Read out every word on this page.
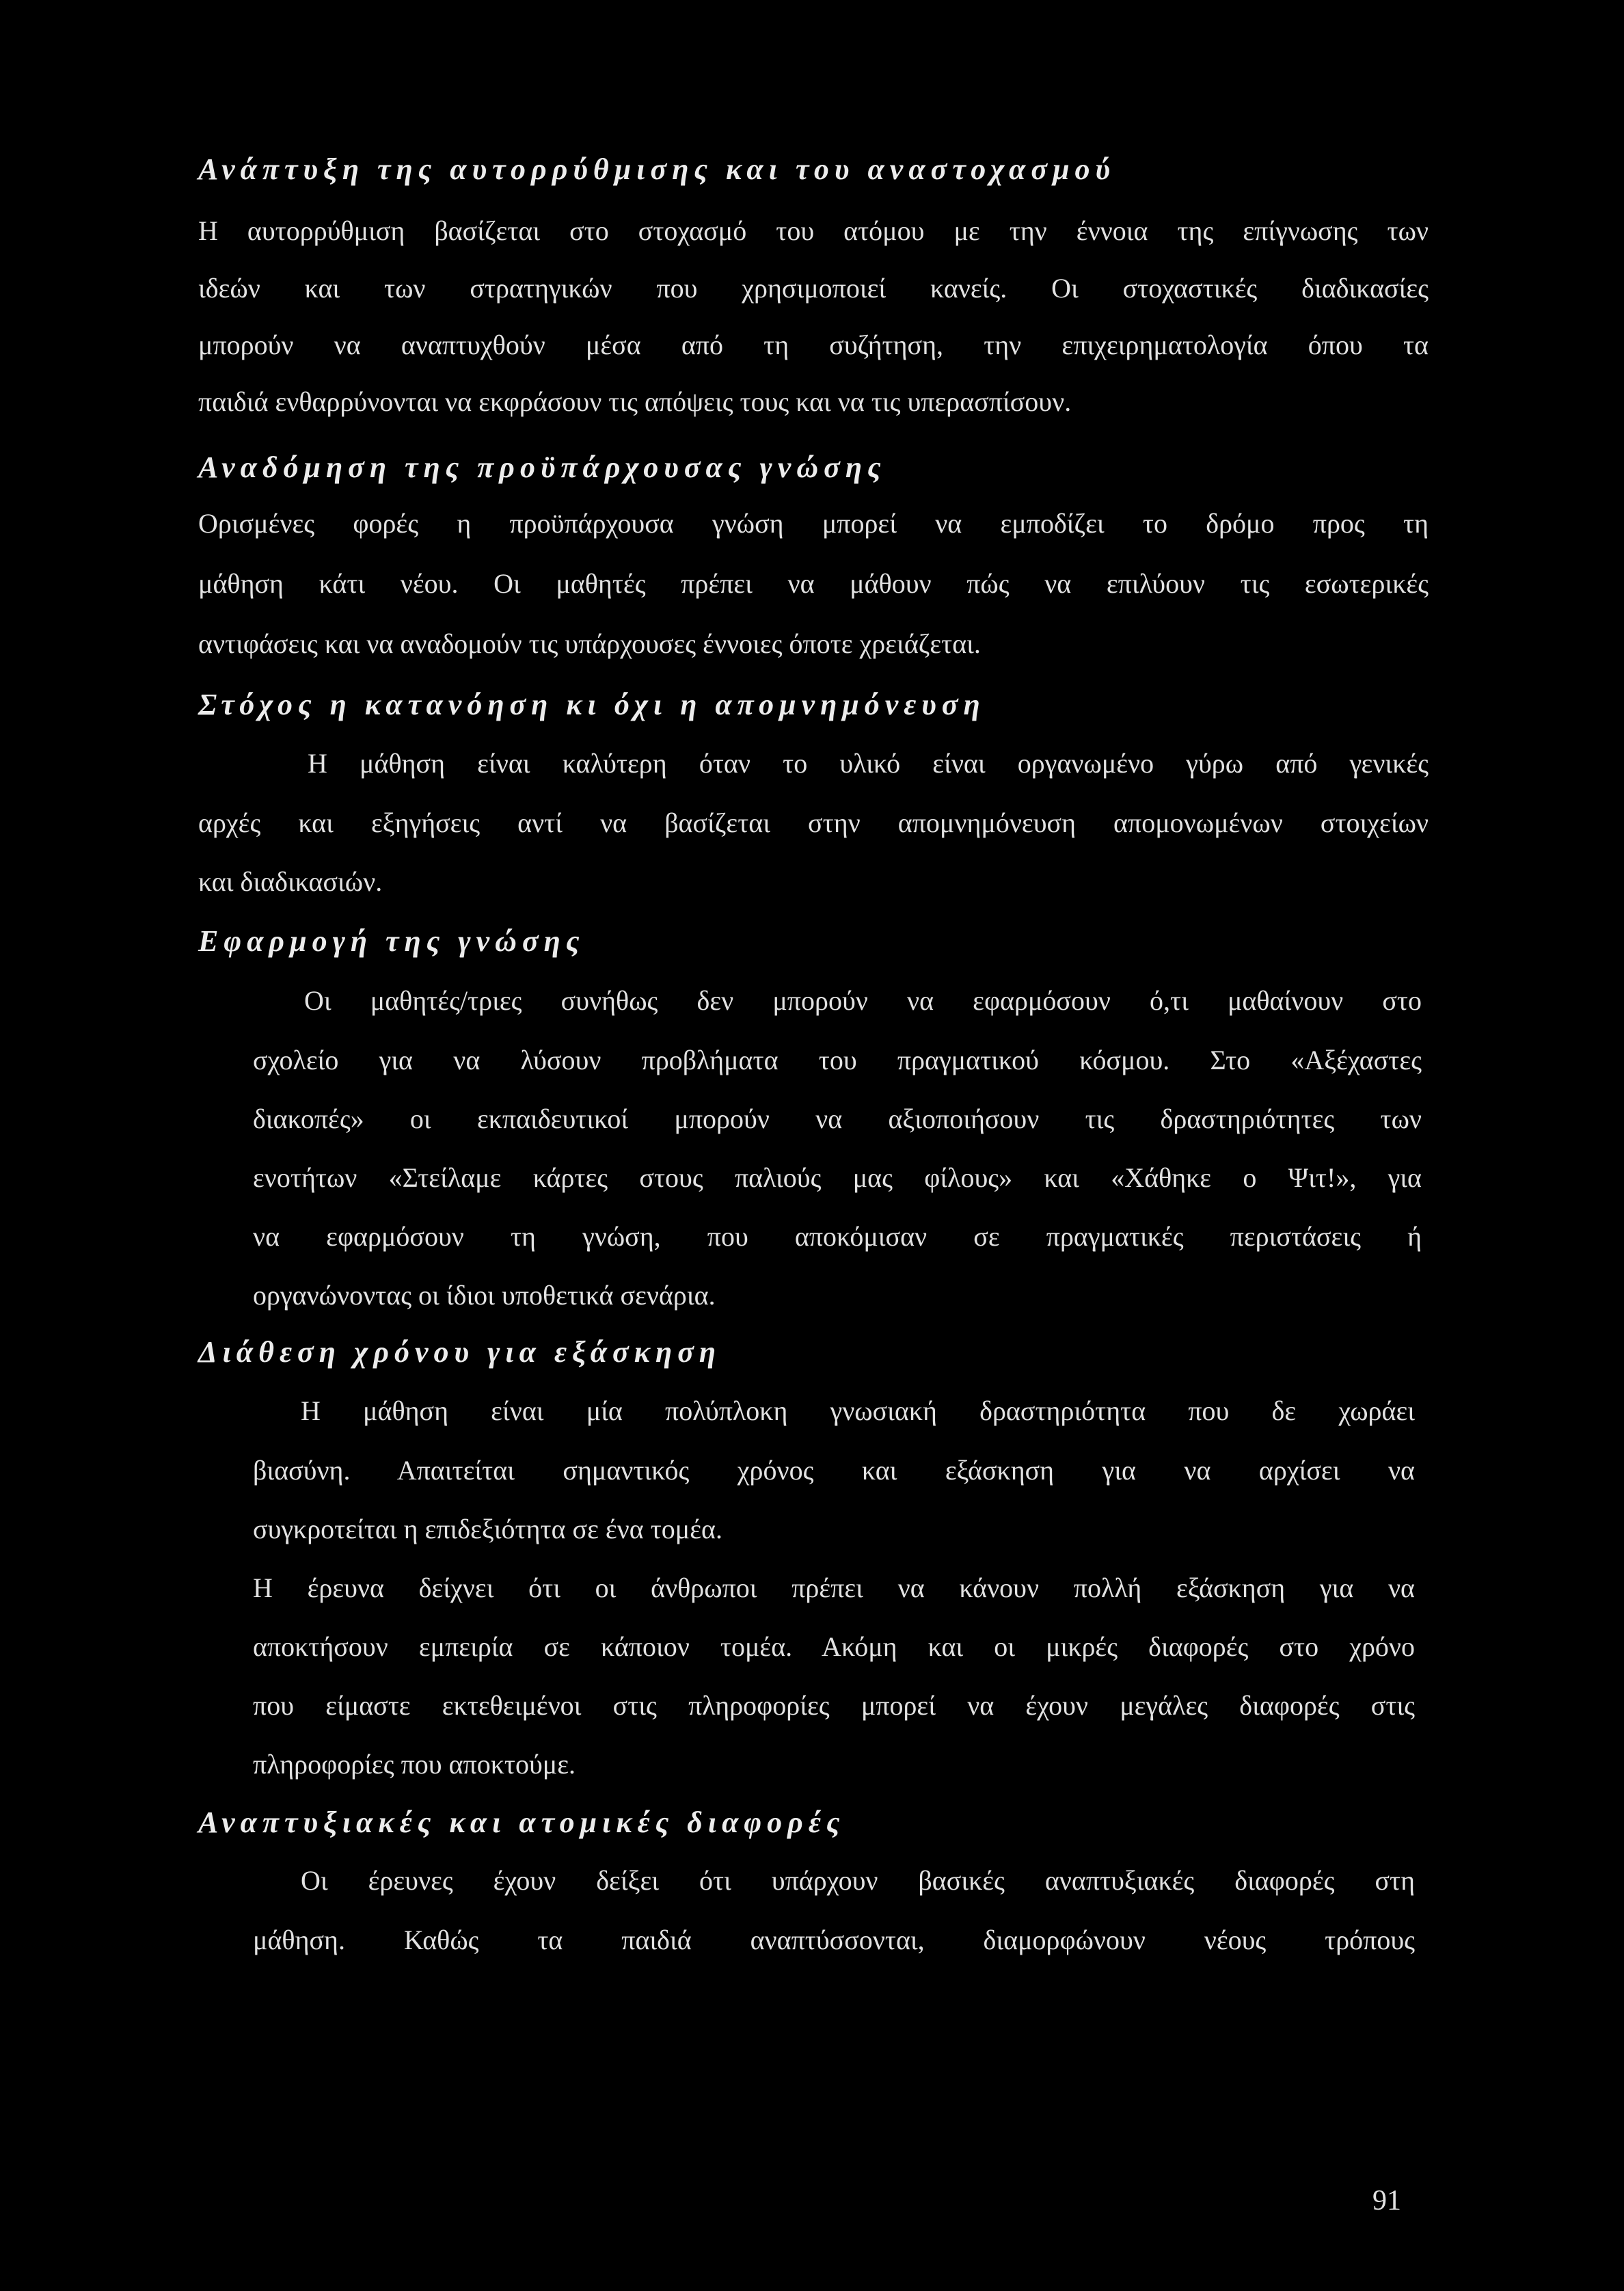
Ανάπτυξη της αυτορρύθμισης και του αναστοχασμού
Η αυτορρύθμιση βασίζεται στο στοχασμό του ατόμου με την έννοια της επίγνωσης των
ιδεών και των στρατηγικών που χρησιμοποιεί κανείς. Οι στοχαστικές διαδικασίες
μπορούν να αναπτυχθούν μέσα από τη συζήτηση, την επιχειρηματολογία όπου τα
παιδιά ενθαρρύνονται να εκφράσουν τις απόψεις τους και να τις υπερασπίσουν.
Αναδόμηση της προϋπάρχουσας γνώσης
Ορισμένες φορές η προϋπάρχουσα γνώση μπορεί να εμποδίζει το δρόμο προς τη
μάθηση κάτι νέου. Οι μαθητές πρέπει να μάθουν πώς να επιλύουν τις εσωτερικές
αντιφάσεις και να αναδομούν τις υπάρχουσες έννοιες όποτε χρειάζεται.
Στόχος η κατανόηση κι όχι η απομνημόνευση
Η μάθηση είναι καλύτερη όταν το υλικό είναι οργανωμένο γύρω από γενικές
αρχές και εξηγήσεις αντί να βασίζεται στην απομνημόνευση απομονωμένων στοιχείων
και διαδικασιών.
Εφαρμογή της γνώσης
Οι μαθητές/τριες συνήθως δεν μπορούν να εφαρμόσουν ό,τι μαθαίνουν στο
σχολείο για να λύσουν προβλήματα του πραγματικού κόσμου. Στο «Αξέχαστες
διακοπές» οι εκπαιδευτικοί μπορούν να αξιοποιήσουν τις δραστηριότητες των
ενοτήτων «Στείλαμε κάρτες στους παλιούς μας φίλους» και «Χάθηκε ο Ψιτ!», για
να εφαρμόσουν τη γνώση, που αποκόμισαν σε πραγματικές περιστάσεις ή
οργανώνοντας οι ίδιοι υποθετικά σενάρια.
Διάθεση χρόνου για εξάσκηση
Η μάθηση είναι μία πολύπλοκη γνωσιακή δραστηριότητα που δε χωράει
βιασύνη. Απαιτείται σημαντικός χρόνος και εξάσκηση για να αρχίσει να
συγκροτείται η επιδεξιότητα σε ένα τομέα.
Η έρευνα δείχνει ότι οι άνθρωποι πρέπει να κάνουν πολλή εξάσκηση για να
αποκτήσουν εμπειρία σε κάποιον τομέα. Ακόμη και οι μικρές διαφορές στο χρόνο
που είμαστε εκτεθειμένοι στις πληροφορίες μπορεί να έχουν μεγάλες διαφορές στις
πληροφορίες που αποκτούμε.
Αναπτυξιακές και ατομικές διαφορές
Οι έρευνες έχουν δείξει ότι υπάρχουν βασικές αναπτυξιακές διαφορές στη
μάθηση. Καθώς τα παιδιά αναπτύσσονται, διαμορφώνουν νέους τρόπους
91
